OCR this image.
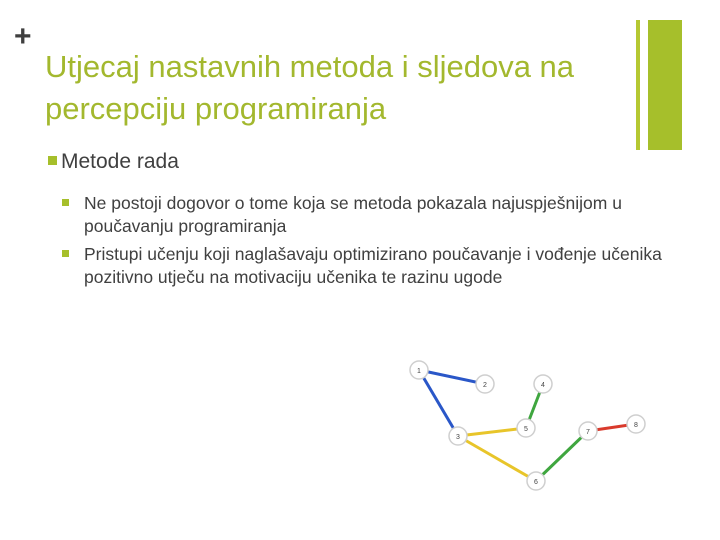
+
Utjecaj nastavnih metoda i sljedova na percepciju programiranja
Metode rada
Ne postoji dogovor o tome koja se metoda pokazala najuspješnijom u poučavanju programiranja
Pristupi učenju koji naglašavaju optimizirano poučavanje i vođenje učenika pozitivno utječu na motivaciju učenika te razinu ugode
1
2	4
3
5	7
8
6
